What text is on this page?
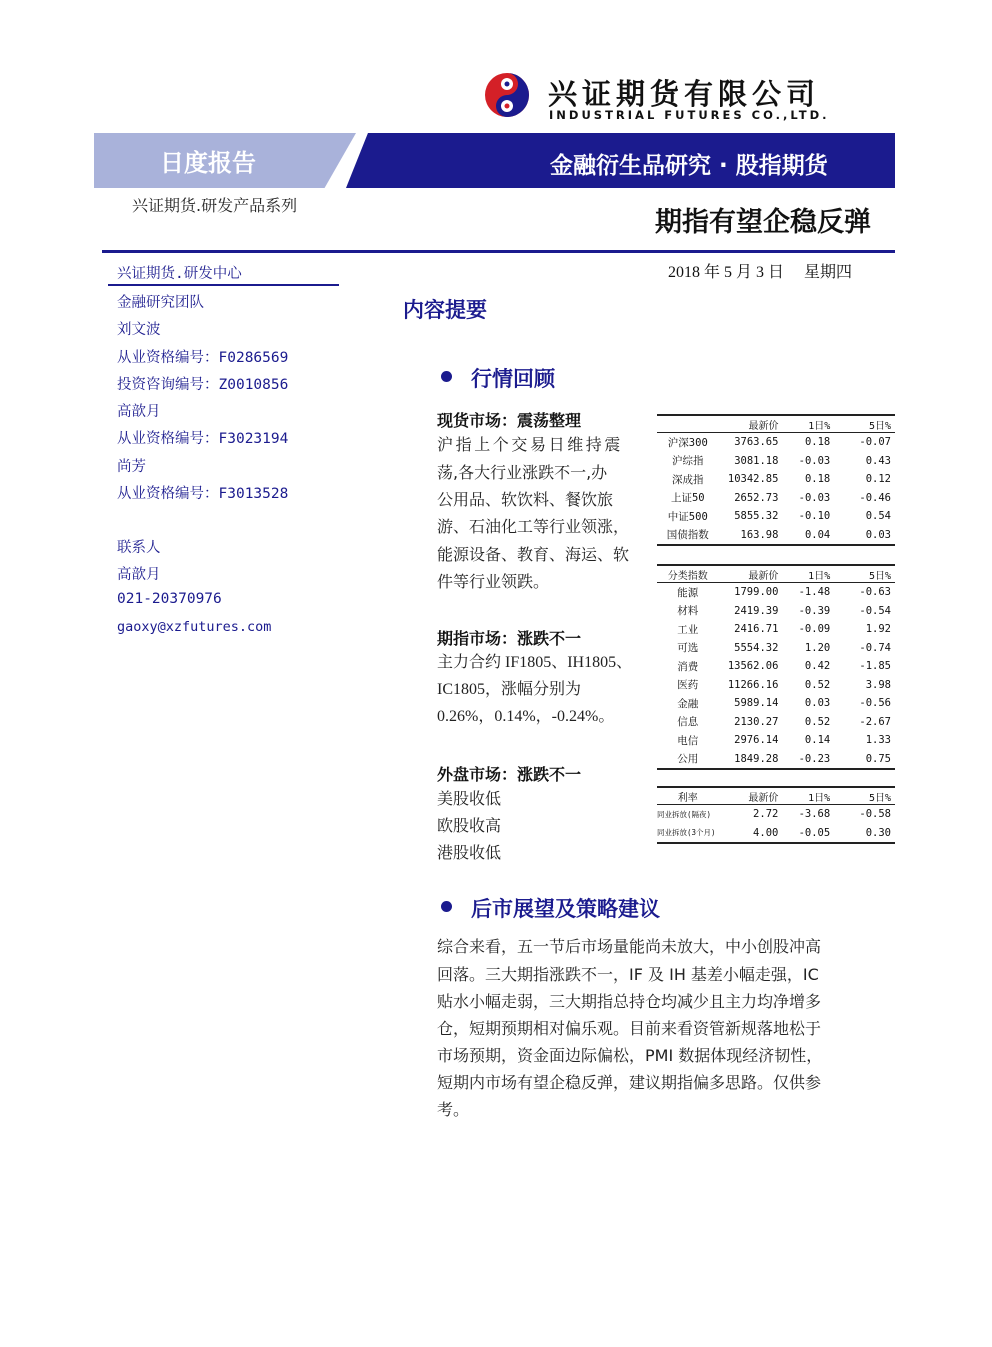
兴证期货有限公司
INDUSTRIAL FUTURES CO.,LTD.
日度报告	金融衍生品研究 · 股指期货
兴证期货.研发产品系列
期指有望企稳反弹
兴证期货.研发中心
金融研究团队
刘文波
从业资格编号：F0286569
投资咨询编号：Z0010856
高歆月
从业资格编号：F3023194
尚芳
从业资格编号：F3013528
联系人
高歆月
021-20370976
gaoxy@xzfutures.com
2018 年 5 月 3 日　 星期四
内容提要
行情回顾
现货市场：震荡整理
沪指上个交易日维持震
荡,各大行业涨跌不一,办
公用品、软饮料、餐饮旅
游、石油化工等行业领涨，
能源设备、教育、海运、软
件等行业领跌。
期指市场：涨跌不一
主力合约 IF1805、IH1805、
IC1805，涨幅分别为
0.26%，0.14%，-0.24%。
外盘市场：涨跌不一
美股收低
欧股收高
港股收低
后市展望及策略建议
综合来看，五一节后市场量能尚未放大，中小创股冲高
回落。三大期指涨跌不一，IF 及 IH 基差小幅走强，IC
贴水小幅走弱，三大期指总持仓均减少且主力均净增多
仓，短期预期相对偏乐观。目前来看资管新规落地松于
市场预期，资金面边际偏松，PMI 数据体现经济韧性，
短期内市场有望企稳反弹，建议期指偏多思路。仅供参
考。
	最新价	1日%	5日%
沪深300	3763.65	0.18	-0.07
沪综指	3081.18	-0.03	0.43
深成指	10342.85	0.18	0.12
上证50	2652.73	-0.03	-0.46
中证500	5855.32	-0.10	0.54
国债指数	163.98	0.04	0.03
分类指数	最新价	1日%	5日%
能源	1799.00	-1.48	-0.63
材料	2419.39	-0.39	-0.54
工业	2416.71	-0.09	1.92
可选	5554.32	1.20	-0.74
消费	13562.06	0.42	-1.85
医药	11266.16	0.52	3.98
金融	5989.14	0.03	-0.56
信息	2130.27	0.52	-2.67
电信	2976.14	0.14	1.33
公用	1849.28	-0.23	0.75
利率	最新价	1日%	5日%
同业拆放(隔夜)	2.72	-3.68	-0.58
同业拆放(3个月)	4.00	-0.05	0.30
